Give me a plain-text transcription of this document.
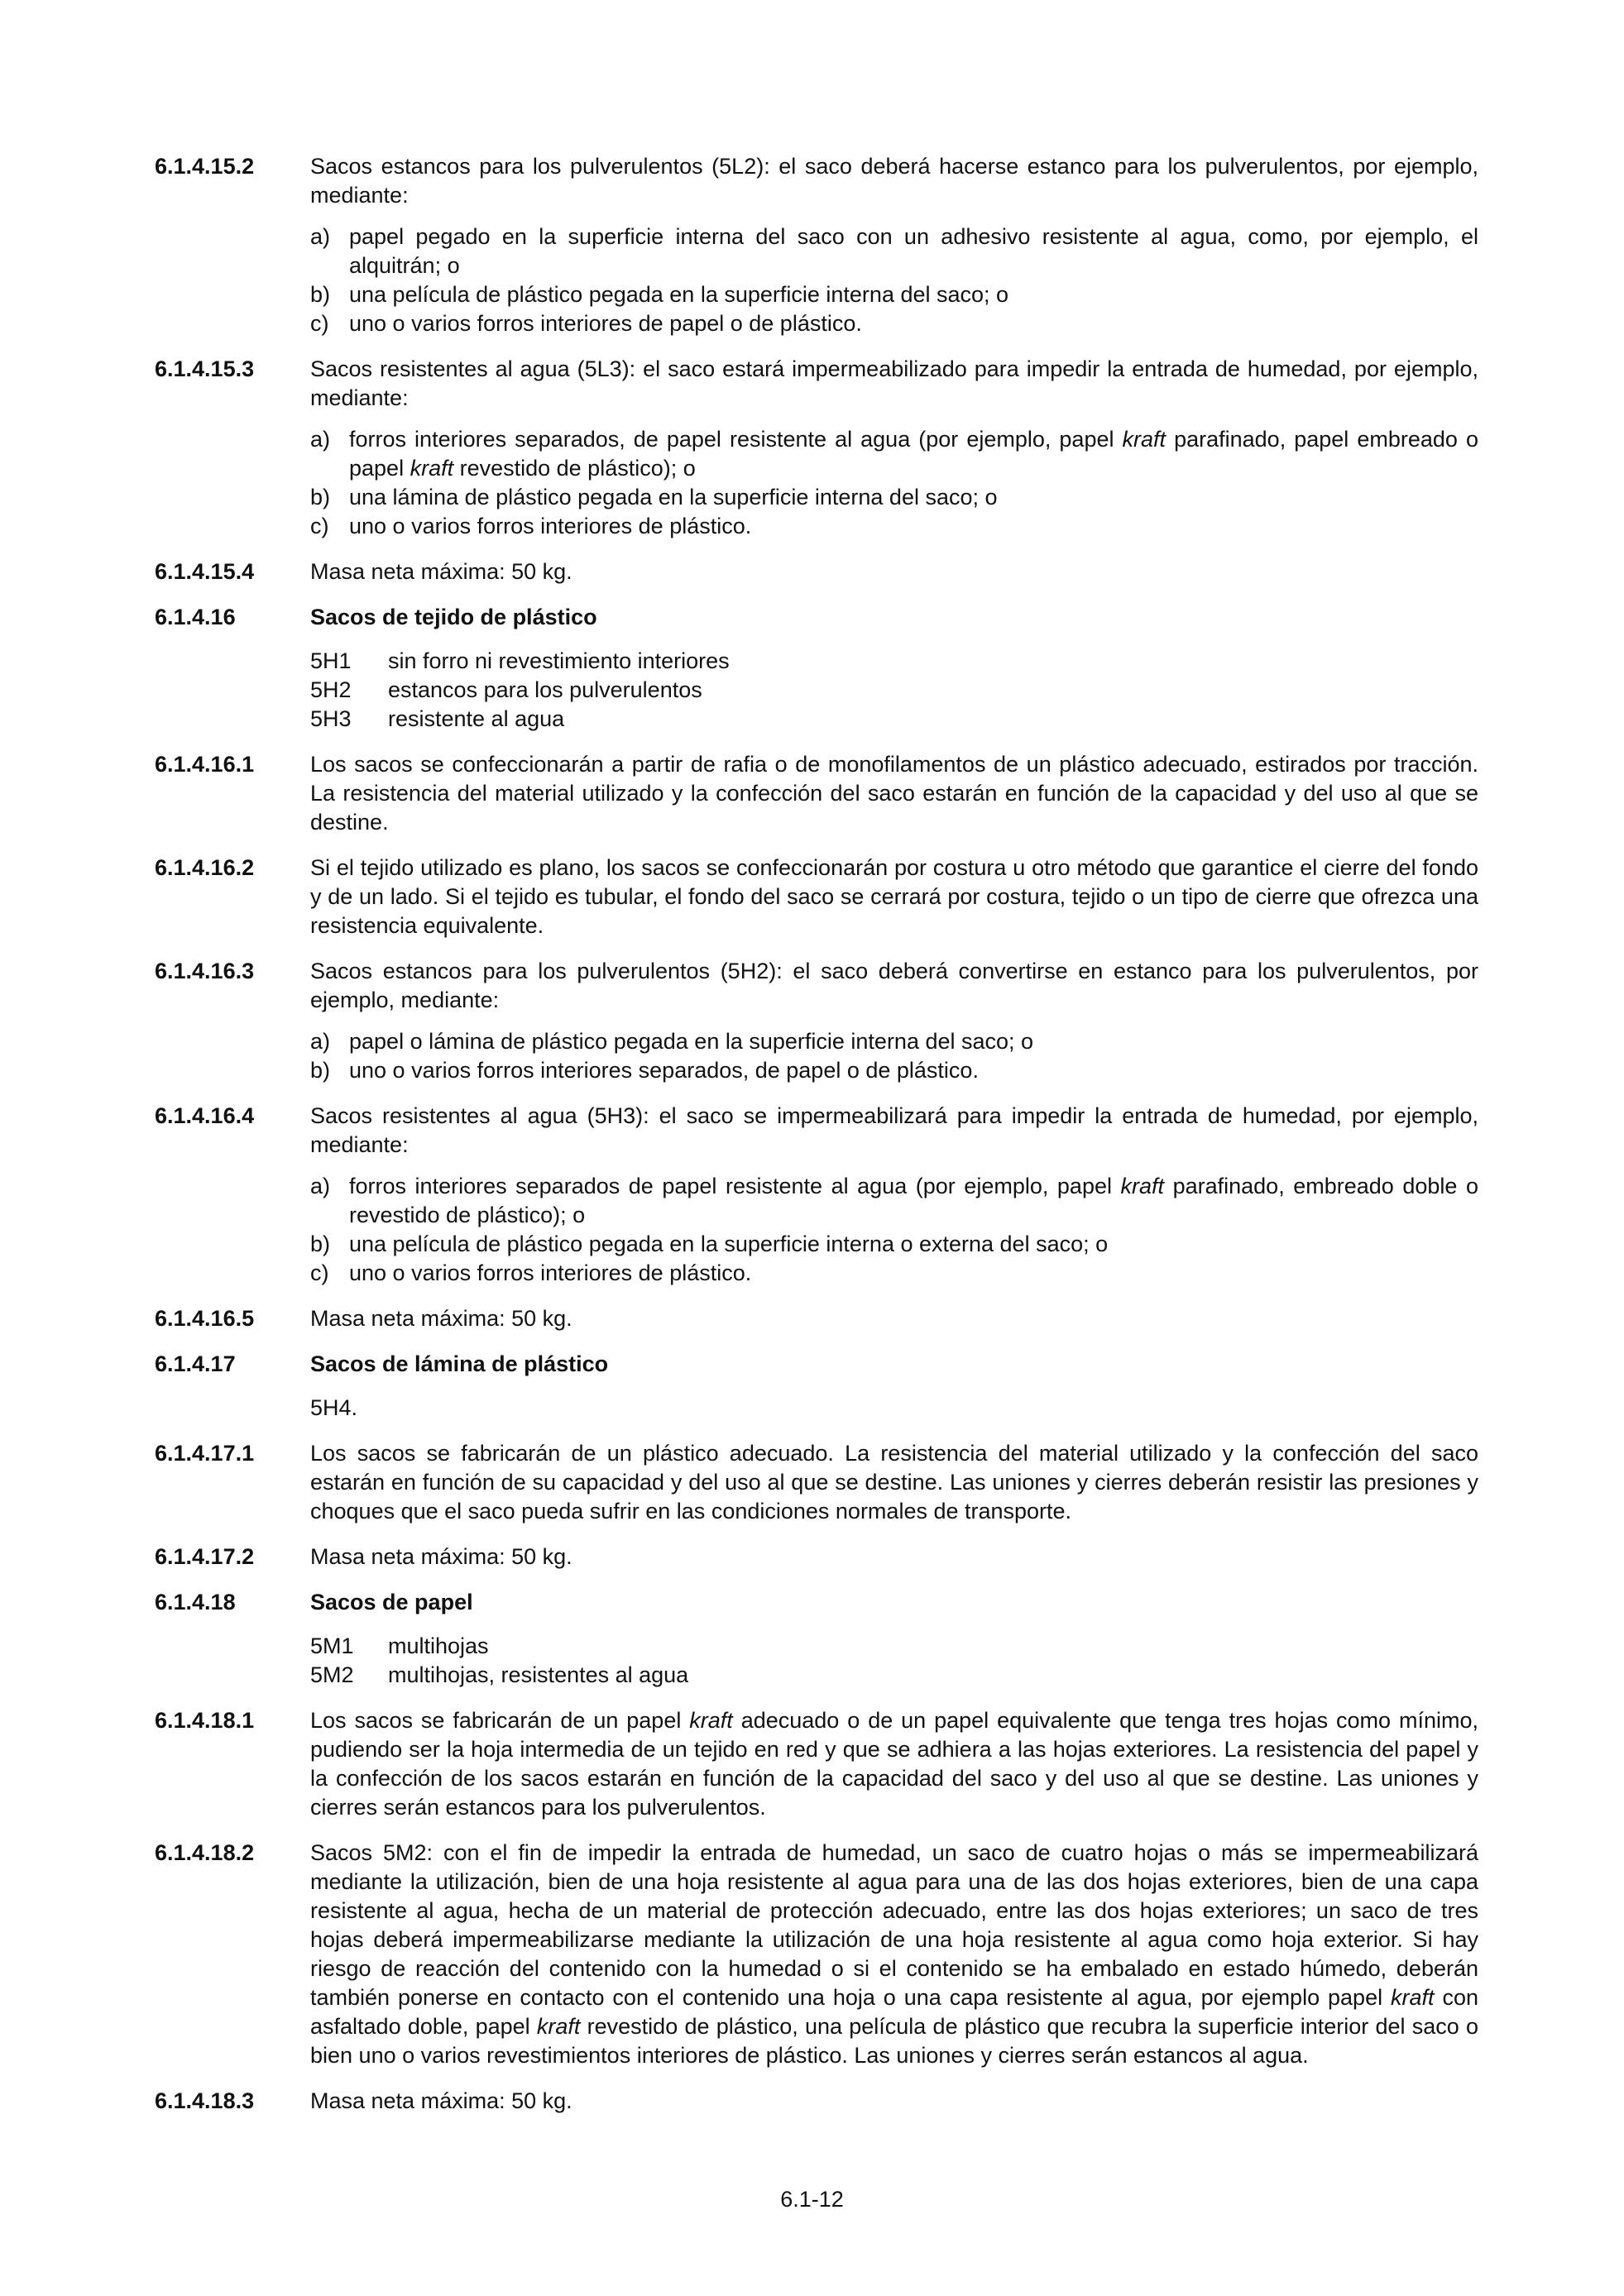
6.1.4.15.2	Sacos estancos para los pulverulentos (5L2): el saco deberá hacerse estanco para los pulverulentos, por ejemplo, mediante:
a) papel pegado en la superficie interna del saco con un adhesivo resistente al agua, como, por ejemplo, el alquitrán; o
b) una película de plástico pegada en la superficie interna del saco; o
c) uno o varios forros interiores de papel o de plástico.
6.1.4.15.3	Sacos resistentes al agua (5L3): el saco estará impermeabilizado para impedir la entrada de humedad, por ejemplo, mediante:
a) forros interiores separados, de papel resistente al agua (por ejemplo, papel kraft parafinado, papel embreado o papel kraft revestido de plástico); o
b) una lámina de plástico pegada en la superficie interna del saco; o
c) uno o varios forros interiores de plástico.
6.1.4.15.4	Masa neta máxima: 50 kg.
6.1.4.16	Sacos de tejido de plástico
5H1	sin forro ni revestimiento interiores
5H2	estancos para los pulverulentos
5H3	resistente al agua
6.1.4.16.1	Los sacos se confeccionarán a partir de rafia o de monofilamentos de un plástico adecuado, estirados por tracción. La resistencia del material utilizado y la confección del saco estarán en función de la capacidad y del uso al que se destine.
6.1.4.16.2	Si el tejido utilizado es plano, los sacos se confeccionarán por costura u otro método que garantice el cierre del fondo y de un lado. Si el tejido es tubular, el fondo del saco se cerrará por costura, tejido o un tipo de cierre que ofrezca una resistencia equivalente.
6.1.4.16.3	Sacos estancos para los pulverulentos (5H2): el saco deberá convertirse en estanco para los pulverulentos, por ejemplo, mediante:
a) papel o lámina de plástico pegada en la superficie interna del saco; o
b) uno o varios forros interiores separados, de papel o de plástico.
6.1.4.16.4	Sacos resistentes al agua (5H3): el saco se impermeabilizará para impedir la entrada de humedad, por ejemplo, mediante:
a) forros interiores separados de papel resistente al agua (por ejemplo, papel kraft parafinado, embreado doble o revestido de plástico); o
b) una película de plástico pegada en la superficie interna o externa del saco; o
c) uno o varios forros interiores de plástico.
6.1.4.16.5	Masa neta máxima: 50 kg.
6.1.4.17	Sacos de lámina de plástico
5H4.
6.1.4.17.1	Los sacos se fabricarán de un plástico adecuado. La resistencia del material utilizado y la confección del saco estarán en función de su capacidad y del uso al que se destine. Las uniones y cierres deberán resistir las presiones y choques que el saco pueda sufrir en las condiciones normales de transporte.
6.1.4.17.2	Masa neta máxima: 50 kg.
6.1.4.18	Sacos de papel
5M1	multihojas
5M2	multihojas, resistentes al agua
6.1.4.18.1	Los sacos se fabricarán de un papel kraft adecuado o de un papel equivalente que tenga tres hojas como mínimo, pudiendo ser la hoja intermedia de un tejido en red y que se adhiera a las hojas exteriores. La resistencia del papel y la confección de los sacos estarán en función de la capacidad del saco y del uso al que se destine. Las uniones y cierres serán estancos para los pulverulentos.
6.1.4.18.2	Sacos 5M2: con el fin de impedir la entrada de humedad, un saco de cuatro hojas o más se impermeabilizará mediante la utilización, bien de una hoja resistente al agua para una de las dos hojas exteriores, bien de una capa resistente al agua, hecha de un material de protección adecuado, entre las dos hojas exteriores; un saco de tres hojas deberá impermeabilizarse mediante la utilización de una hoja resistente al agua como hoja exterior. Si hay riesgo de reacción del contenido con la humedad o si el contenido se ha embalado en estado húmedo, deberán también ponerse en contacto con el contenido una hoja o una capa resistente al agua, por ejemplo papel kraft con asfaltado doble, papel kraft revestido de plástico, una película de plástico que recubra la superficie interior del saco o bien uno o varios revestimientos interiores de plástico. Las uniones y cierres serán estancos al agua.
6.1.4.18.3	Masa neta máxima: 50 kg.
6.1-12
